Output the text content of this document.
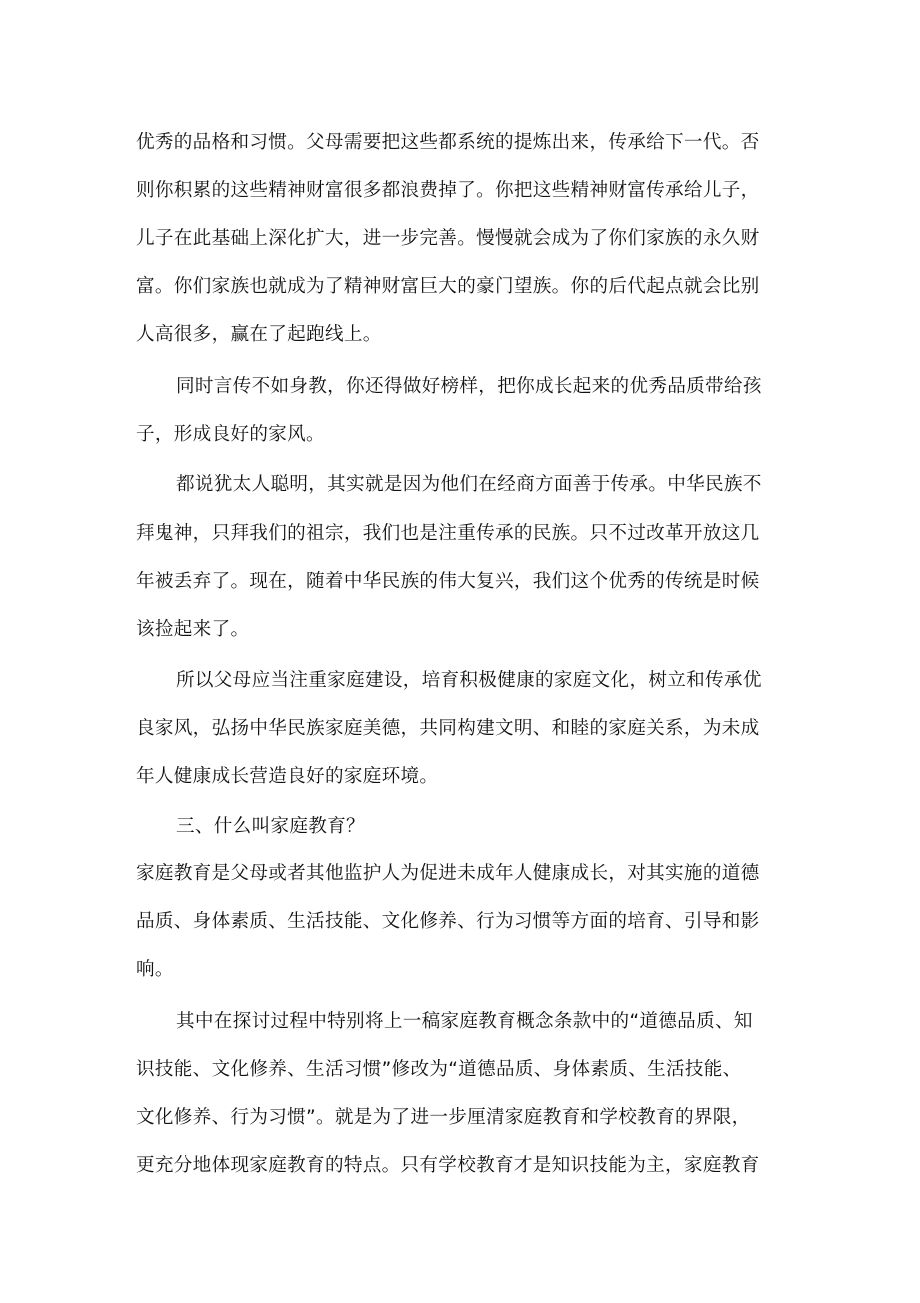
优秀的品格和习惯。父母需要把这些都系统的提炼出来，传承给下一代。否
则你积累的这些精神财富很多都浪费掉了。你把这些精神财富传承给儿子，
儿子在此基础上深化扩大，进一步完善。慢慢就会成为了你们家族的永久财
富。你们家族也就成为了精神财富巨大的豪门望族。你的后代起点就会比别
人高很多，赢在了起跑线上。
同时言传不如身教，你还得做好榜样，把你成长起来的优秀品质带给孩
子，形成良好的家风。
都说犹太人聪明，其实就是因为他们在经商方面善于传承。中华民族不
拜鬼神，只拜我们的祖宗，我们也是注重传承的民族。只不过改革开放这几
年被丢弃了。现在，随着中华民族的伟大复兴，我们这个优秀的传统是时候
该捡起来了。
所以父母应当注重家庭建设，培育积极健康的家庭文化，树立和传承优
良家风，弘扬中华民族家庭美德，共同构建文明、和睦的家庭关系，为未成
年人健康成长营造良好的家庭环境。
三、什么叫家庭教育？
家庭教育是父母或者其他监护人为促进未成年人健康成长，对其实施的道德
品质、身体素质、生活技能、文化修养、行为习惯等方面的培育、引导和影
响。
其中在探讨过程中特别将上一稿家庭教育概念条款中的“道德品质、知
识技能、文化修养、生活习惯”修改为“道德品质、身体素质、生活技能、
文化修养、行为习惯”。就是为了进一步厘清家庭教育和学校教育的界限，
更充分地体现家庭教育的特点。只有学校教育才是知识技能为主，家庭教育
